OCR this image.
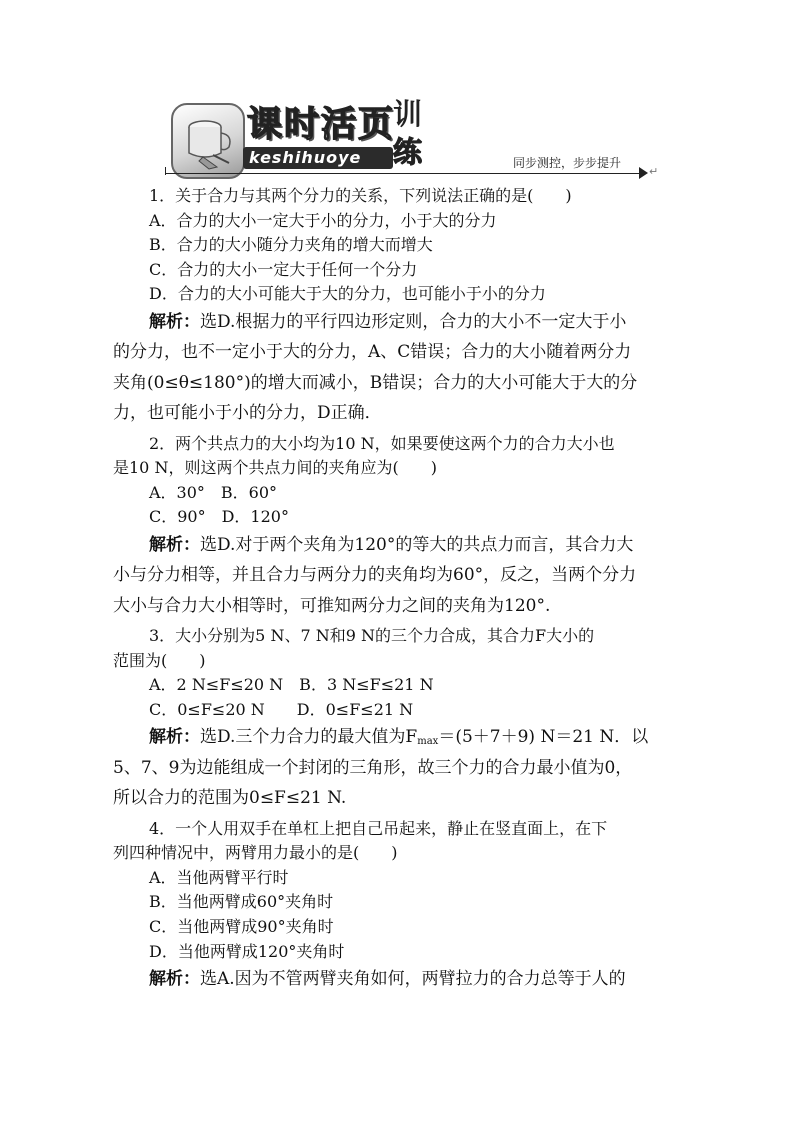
课时活页
keshihuoye
训
练	同步测控，步步提升
↵
1．关于合力与其两个分力的关系，下列说法正确的是(　　)
A．合力的大小一定大于小的分力，小于大的分力
B．合力的大小随分力夹角的增大而增大
C．合力的大小一定大于任何一个分力
D．合力的大小可能大于大的分力，也可能小于小的分力
解析：选D.根据力的平行四边形定则，合力的大小不一定大于小
的分力，也不一定小于大的分力，A、C错误；合力的大小随着两分力
夹角(0≤θ≤180°)的增大而减小，B错误；合力的大小可能大于大的分
力，也可能小于小的分力，D正确．
2．两个共点力的大小均为10 N，如果要使这两个力的合力大小也
是10 N，则这两个共点力间的夹角应为(　　)
A．30°　B．60°
C．90°　D．120°
解析：选D.对于两个夹角为120°的等大的共点力而言，其合力大
小与分力相等，并且合力与两分力的夹角均为60°，反之，当两个分力
大小与合力大小相等时，可推知两分力之间的夹角为120°.
3．大小分别为5 N、7 N和9 N的三个力合成，其合力F大小的
范围为(　　)
A．2 N≤F≤20 N　B．3 N≤F≤21 N
C．0≤F≤20 N　　D．0≤F≤21 N
解析：选D.三个力合力的最大值为$F_{max}=(5+7+9)$ N＝21 N．以
5、7、9为边能组成一个封闭的三角形，故三个力的合力最小值为0，
所以合力的范围为0≤F≤21 N.
4．一个人用双手在单杠上把自己吊起来，静止在竖直面上，在下
列四种情况中，两臂用力最小的是(　　)
A．当他两臂平行时
B．当他两臂成60°夹角时
C．当他两臂成90°夹角时
D．当他两臂成120°夹角时
解析：选A.因为不管两臂夹角如何，两臂拉力的合力总等于人的
